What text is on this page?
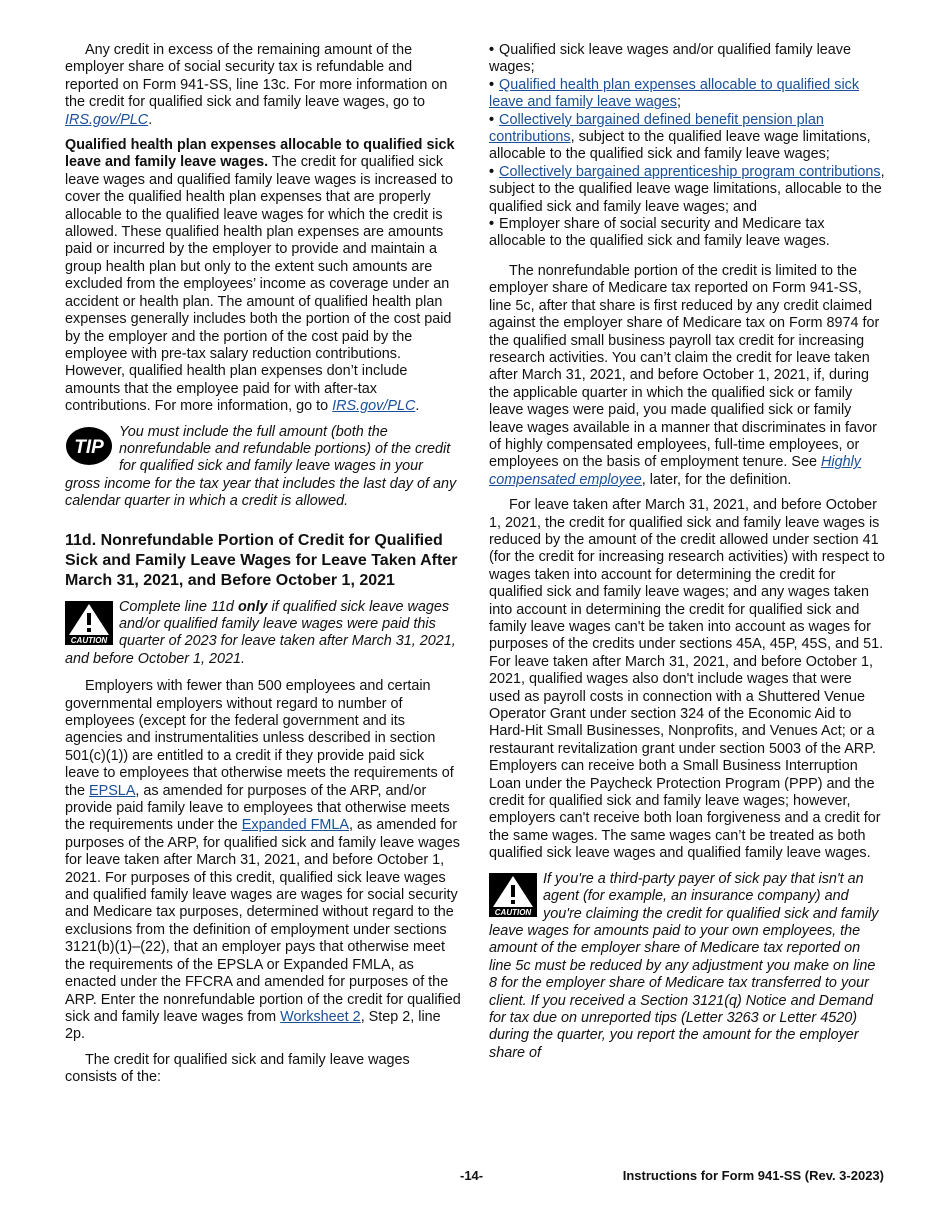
Any credit in excess of the remaining amount of the employer share of social security tax is refundable and reported on Form 941-SS, line 13c. For more information on the credit for qualified sick and family leave wages, go to IRS.gov/PLC.

Qualified health plan expenses allocable to qualified sick leave and family leave wages. The credit for qualified sick leave wages and qualified family leave wages is increased to cover the qualified health plan expenses that are properly allocable to the qualified leave wages for which the credit is allowed. These qualified health plan expenses are amounts paid or incurred by the employer to provide and maintain a group health plan but only to the extent such amounts are excluded from the employees’ income as coverage under an accident or health plan. The amount of qualified health plan expenses generally includes both the portion of the cost paid by the employer and the portion of the cost paid by the employee with pre-tax salary reduction contributions. However, qualified health plan expenses don’t include amounts that the employee paid for with after-tax contributions. For more information, go to IRS.gov/PLC.

TIP
You must include the full amount (both the nonrefundable and refundable portions) of the credit for qualified sick and family leave wages in your gross income for the tax year that includes the last day of any calendar quarter in which a credit is allowed.
11d. Nonrefundable Portion of Credit for Qualified Sick and Family Leave Wages for Leave Taken After March 31, 2021, and Before October 1, 2021
CAUTION
Complete line 11d only if qualified sick leave wages and/or qualified family leave wages were paid this quarter of 2023 for leave taken after March 31, 2021, and before October 1, 2021.

Employers with fewer than 500 employees and certain governmental employers without regard to number of employees (except for the federal government and its agencies and instrumentalities unless described in section 501(c)(1)) are entitled to a credit if they provide paid sick leave to employees that otherwise meets the requirements of the EPSLA, as amended for purposes of the ARP, and/or provide paid family leave to employees that otherwise meets the requirements under the Expanded FMLA, as amended for purposes of the ARP, for qualified sick and family leave wages for leave taken after March 31, 2021, and before October 1, 2021. For purposes of this credit, qualified sick leave wages and qualified family leave wages are wages for social security and Medicare tax purposes, determined without regard to the exclusions from the definition of employment under sections 3121(b)(1)–(22), that an employer pays that otherwise meet the requirements of the EPSLA or Expanded FMLA, as enacted under the FFCRA and amended for purposes of the ARP. Enter the nonrefundable portion of the credit for qualified sick and family leave wages from Worksheet 2, Step 2, line 2p.

The credit for qualified sick and family leave wages consists of the:

• Qualified sick leave wages and/or qualified family leave wages;
• Qualified health plan expenses allocable to qualified sick leave and family leave wages;
• Collectively bargained defined benefit pension plan contributions, subject to the qualified leave wage limitations, allocable to the qualified sick and family leave wages;
• Collectively bargained apprenticeship program contributions, subject to the qualified leave wage limitations, allocable to the qualified sick and family leave wages; and
• Employer share of social security and Medicare tax allocable to the qualified sick and family leave wages.

The nonrefundable portion of the credit is limited to the employer share of Medicare tax reported on Form 941-SS, line 5c, after that share is first reduced by any credit claimed against the employer share of Medicare tax on Form 8974 for the qualified small business payroll tax credit for increasing research activities. You can’t claim the credit for leave taken after March 31, 2021, and before October 1, 2021, if, during the applicable quarter in which the qualified sick or family leave wages were paid, you made qualified sick or family leave wages available in a manner that discriminates in favor of highly compensated employees, full-time employees, or employees on the basis of employment tenure. See Highly compensated employee, later, for the definition.

For leave taken after March 31, 2021, and before October 1, 2021, the credit for qualified sick and family leave wages is reduced by the amount of the credit allowed under section 41 (for the credit for increasing research activities) with respect to wages taken into account for determining the credit for qualified sick and family leave wages; and any wages taken into account in determining the credit for qualified sick and family leave wages can't be taken into account as wages for purposes of the credits under sections 45A, 45P, 45S, and 51. For leave taken after March 31, 2021, and before October 1, 2021, qualified wages also don't include wages that were used as payroll costs in connection with a Shuttered Venue Operator Grant under section 324 of the Economic Aid to Hard-Hit Small Businesses, Nonprofits, and Venues Act; or a restaurant revitalization grant under section 5003 of the ARP. Employers can receive both a Small Business Interruption Loan under the Paycheck Protection Program (PPP) and the credit for qualified sick and family leave wages; however, employers can't receive both loan forgiveness and a credit for the same wages. The same wages can’t be treated as both qualified sick leave wages and qualified family leave wages.

CAUTION
If you're a third-party payer of sick pay that isn't an agent (for example, an insurance company) and you're claiming the credit for qualified sick and family leave wages for amounts paid to your own employees, the amount of the employer share of Medicare tax reported on line 5c must be reduced by any adjustment you make on line 8 for the employer share of Medicare tax transferred to your client. If you received a Section 3121(q) Notice and Demand for tax due on unreported tips (Letter 3263 or Letter 4520) during the quarter, you report the amount for the employer share of
-14-	Instructions for Form 941-SS (Rev. 3-2023)
